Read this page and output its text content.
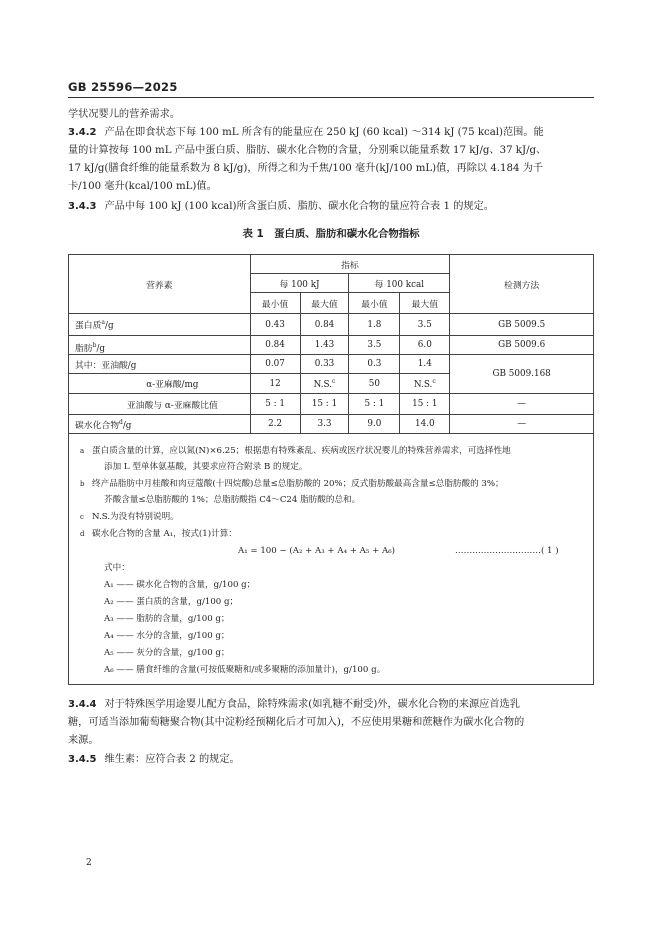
GB 25596—2025
学状况婴儿的营养需求。
3.4.2 产品在即食状态下每 100 mL 所含有的能量应在 250 kJ (60 kcal) ～314 kJ (75 kcal)范围。能
量的计算按每 100 mL 产品中蛋白质、脂肪、碳水化合物的含量，分别乘以能量系数 17 kJ/g、37 kJ/g、
17 kJ/g(膳食纤维的能量系数为 8 kJ/g)，所得之和为千焦/100 毫升(kJ/100 mL)值，再除以 4.184 为千
卡/100 毫升(kcal/100 mL)值。
3.4.3 产品中每 100 kJ (100 kcal)所含蛋白质、脂肪、碳水化合物的量应符合表 1 的规定。
表 1　蛋白质、脂肪和碳水化合物指标
营养素	指标				检测方法
	每 100 kJ		每 100 kcal		
	最小值	最大值	最小值	最大值	
蛋白质$^a$/g	0.43	0.84	1.8	3.5	GB 5009.5
脂肪$^b$/g	0.84	1.43	3.5	6.0	GB 5009.6
其中：亚油酸/g	0.07	0.33	0.3	1.4	GB 5009.168
α-亚麻酸/mg	12	N.S.$^c$	50	N.S.$^c$
亚油酸与 α-亚麻酸比值	5 : 1	15 : 1	5 : 1	15 : 1	—
碳水化合物$^d$/g	2.2	3.3	9.0	14.0	—
a 蛋白质含量的计算，应以氮(N)×6.25；根据患有特殊紊乱、疾病或医疗状况婴儿的特殊营养需求，可选择性地
添加 L 型单体氨基酸，其要求应符合附录 B 的规定。
b 终产品脂肪中月桂酸和肉豆蔻酸(十四烷酸)总量≤总脂肪酸的 20%；反式脂肪酸最高含量≤总脂肪酸的 3%；
芥酸含量≤总脂肪酸的 1%；总脂肪酸指 C4～C24 脂肪酸的总和。
c N.S.为没有特别说明。
d 碳水化合物的含量 A₁，按式(1)计算：
A₁ = 100 − (A₂ + A₃ + A₄ + A₅ + A₆)	…………………………( 1 )
式中：
A₁ —— 碳水化合物的含量，g/100 g；
A₂ —— 蛋白质的含量，g/100 g；
A₃ —— 脂肪的含量，g/100 g；
A₄ —— 水分的含量，g/100 g；
A₅ —— 灰分的含量，g/100 g；
A₆ —— 膳食纤维的含量(可按低聚糖和/或多聚糖的添加量计)，g/100 g。
3.4.4 对于特殊医学用途婴儿配方食品，除特殊需求(如乳糖不耐受)外，碳水化合物的来源应首选乳
糖，可适当添加葡萄糖聚合物(其中淀粉经预糊化后才可加入)，不应使用果糖和蔗糖作为碳水化合物的
来源。
3.4.5 维生素：应符合表 2 的规定。
2
